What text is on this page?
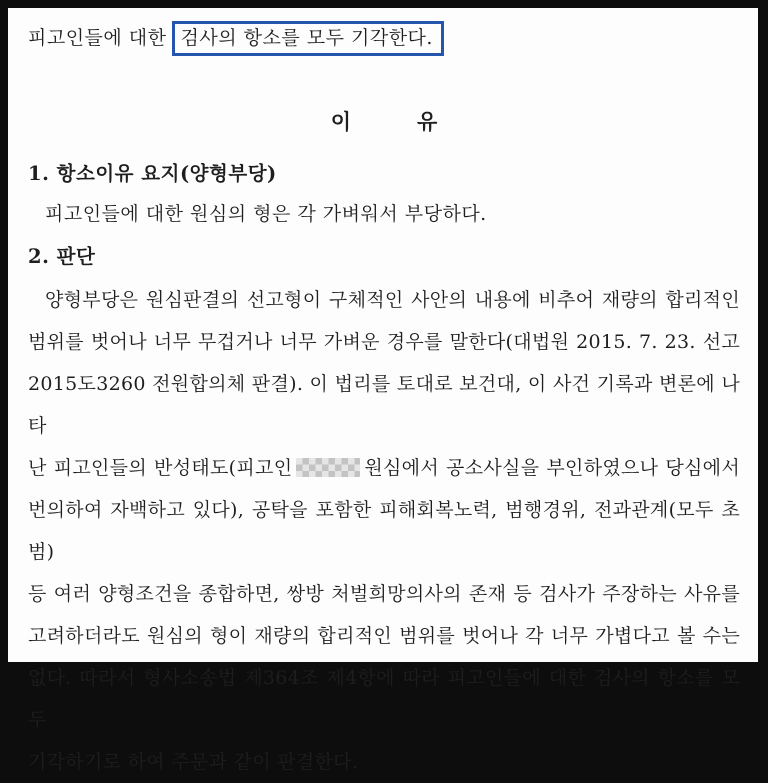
피고인들에 대한 검사의 항소를 모두 기각한다.
이	유
1. 항소이유 요지(양형부당)
피고인들에 대한 원심의 형은 각 가벼워서 부당하다.
2. 판단
양형부당은 원심판결의 선고형이 구체적인 사안의 내용에 비추어 재량의 합리적인
범위를 벗어나 너무 무겁거나 너무 가벼운 경우를 말한다(대법원 2015. 7. 23. 선고
2015도3260 전원합의체 판결). 이 법리를 토대로 보건대, 이 사건 기록과 변론에 나타
난 피고인들의 반성태도(피고인	원심에서 공소사실을 부인하였으나 당심에서
번의하여 자백하고 있다), 공탁을 포함한 피해회복노력, 범행경위, 전과관계(모두 초범)
등 여러 양형조건을 종합하면, 쌍방 처벌희망의사의 존재 등 검사가 주장하는 사유를
고려하더라도 원심의 형이 재량의 합리적인 범위를 벗어나 각 너무 가볍다고 볼 수는
없다. 따라서 형사소송법 제364조 제4항에 따라 피고인들에 대한 검사의 항소를 모두
기각하기로 하여 주문과 같이 판결한다.
